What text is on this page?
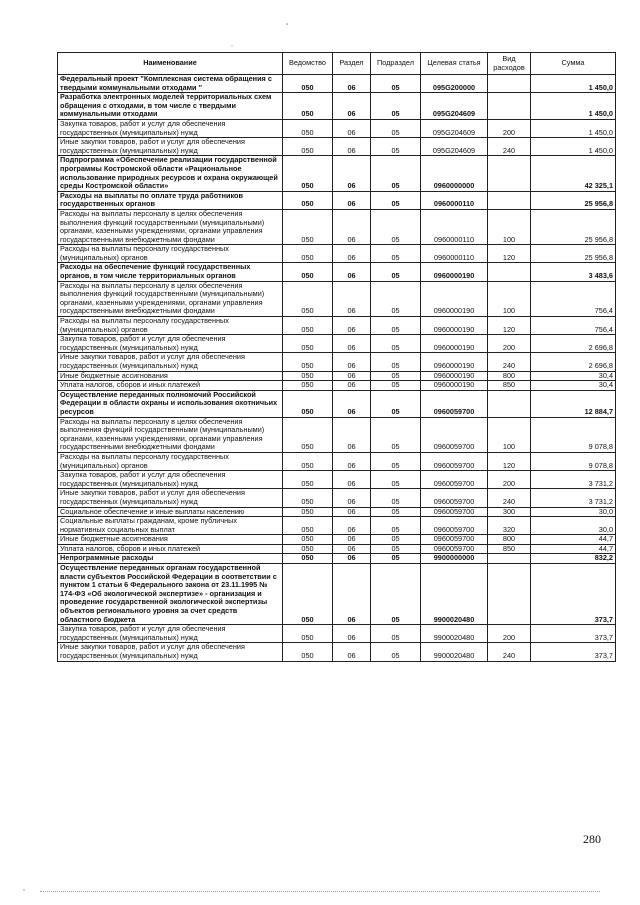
Наименование	Ведомство	Раздел	Подраздел	Целевая статья	Вид расходов	Сумма
Федеральный проект "Комплексная система обращения с твердыми коммунальными отходами "	050	06	05	095G200000		1 450,0
Разработка электронных моделей территориальных схем обращения с отходами, в том числе с твердыми коммунальными отходами	050	06	05	095G204609		1 450,0
Закупка товаров, работ и услуг для обеспечения государственных (муниципальных) нужд	050	06	05	095G204609	200	1 450,0
Иные закупки товаров, работ и услуг для обеспечения государственных (муниципальных) нужд	050	06	05	095G204609	240	1 450,0
Подпрограмма «Обеспечение реализации государственной программы Костромской области «Рациональное использование природных ресурсов и охрана окружающей среды Костромской области»	050	06	05	0960000000		42 325,1
Расходы на выплаты по оплате труда работников государственных органов	050	06	05	0960000110		25 956,8
Расходы на выплаты персоналу в целях обеспечения выполнения функций государственными (муниципальными) органами, казенными учреждениями, органами управления государственными внебюджетными фондами	050	06	05	0960000110	100	25 956,8
Расходы на выплаты персоналу государственных (муниципальных) органов	050	06	05	0960000110	120	25 956,8
Расходы на обеспечение функций государственных органов, в том числе территориальных органов	050	06	05	0960000190		3 483,6
Расходы на выплаты персоналу в целях обеспечения выполнения функций государственными (муниципальными) органами, казенными учреждениями, органами управления государственными внебюджетными фондами	050	06	05	0960000190	100	756,4
Расходы на выплаты персоналу государственных (муниципальных) органов	050	06	05	0960000190	120	756,4
Закупка товаров, работ и услуг для обеспечения государственных (муниципальных) нужд	050	06	05	0960000190	200	2 696,8
Иные закупки товаров, работ и услуг для обеспечения государственных (муниципальных) нужд	050	06	05	0960000190	240	2 696,8
Иные бюджетные ассигнования	050	06	05	0960000190	800	30,4
Уплата налогов, сборов и иных платежей	050	06	05	0960000190	850	30,4
Осуществление переданных полномочий Российской Федерации в области охраны и использования охотничьих ресурсов	050	06	05	0960059700		12 884,7
Расходы на выплаты персоналу в целях обеспечения выполнения функций государственными (муниципальными) органами, казенными учреждениями, органами управления государственными внебюджетными фондами	050	06	05	0960059700	100	9 078,8
Расходы на выплаты персоналу государственных (муниципальных) органов	050	06	05	0960059700	120	9 078,8
Закупка товаров, работ и услуг для обеспечения государственных (муниципальных) нужд	050	06	05	0960059700	200	3 731,2
Иные закупки товаров, работ и услуг для обеспечения государственных (муниципальных) нужд	050	06	05	0960059700	240	3 731,2
Социальное обеспечение и иные выплаты населению	050	06	05	0960059700	300	30,0
Социальные выплаты гражданам, кроме публичных нормативных социальных выплат	050	06	05	0960059700	320	30,0
Иные бюджетные ассигнования	050	06	05	0960059700	800	44,7
Уплата налогов, сборов и иных платежей	050	06	05	0960059700	850	44,7
Непрограммные расходы	050	06	05	9900000000		832,2
Осуществление переданных органам государственной власти субъектов Российской Федерации в соответствии с пунктом 1 статьи 6 Федерального закона от 23.11.1995 № 174-ФЗ «Об экологической экспертизе» - организация и проведение государственной экологической экспертизы объектов регионального уровня за счет средств областного бюджета	050	06	05	9900020480		373,7
Закупка товаров, работ и услуг для обеспечения государственных (муниципальных) нужд	050	06	05	9900020480	200	373,7
Иные закупки товаров, работ и услуг для обеспечения государственных (муниципальных) нужд	050	06	05	9900020480	240	373,7
280
